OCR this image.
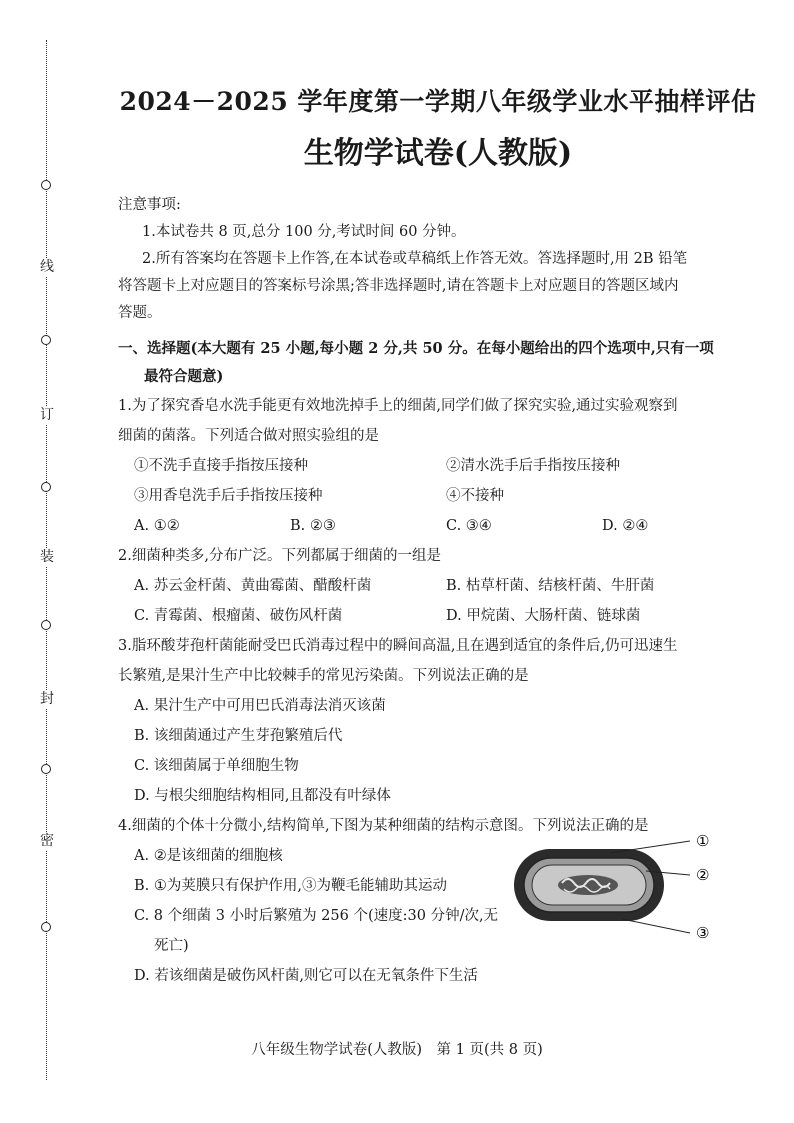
线
订
装
封
密
2024－2025 学年度第一学期八年级学业水平抽样评估
生物学试卷(人教版)
注意事项:
1.本试卷共 8 页,总分 100 分,考试时间 60 分钟。
2.所有答案均在答题卡上作答,在本试卷或草稿纸上作答无效。答选择题时,用 2B 铅笔
将答题卡上对应题目的答案标号涂黑;答非选择题时,请在答题卡上对应题目的答题区域内
答题。
一、选择题(本大题有 25 小题,每小题 2 分,共 50 分。在每小题给出的四个选项中,只有一项
最符合题意)
1.为了探究香皂水洗手能更有效地洗掉手上的细菌,同学们做了探究实验,通过实验观察到
细菌的菌落。下列适合做对照实验组的是
①不洗手直接手指按压接种	②清水洗手后手指按压接种
③用香皂洗手后手指按压接种	④不接种
A. ①②	B. ②③	C. ③④	D. ②④
2.细菌种类多,分布广泛。下列都属于细菌的一组是
A. 苏云金杆菌、黄曲霉菌、醋酸杆菌	B. 枯草杆菌、结核杆菌、牛肝菌
C. 青霉菌、根瘤菌、破伤风杆菌	D. 甲烷菌、大肠杆菌、链球菌
3.脂环酸芽孢杆菌能耐受巴氏消毒过程中的瞬间高温,且在遇到适宜的条件后,仍可迅速生
长繁殖,是果汁生产中比较棘手的常见污染菌。下列说法正确的是
A. 果汁生产中可用巴氏消毒法消灭该菌
B. 该细菌通过产生芽孢繁殖后代
C. 该细菌属于单细胞生物
D. 与根尖细胞结构相同,且都没有叶绿体
4.细菌的个体十分微小,结构简单,下图为某种细菌的结构示意图。下列说法正确的是
A. ②是该细菌的细胞核
B. ①为荚膜只有保护作用,③为鞭毛能辅助其运动
C. 8 个细菌 3 小时后繁殖为 256 个(速度:30 分钟/次,无
死亡)
D. 若该细菌是破伤风杆菌,则它可以在无氧条件下生活
①
②
③
八年级生物学试卷(人教版)　第 1 页(共 8 页)
